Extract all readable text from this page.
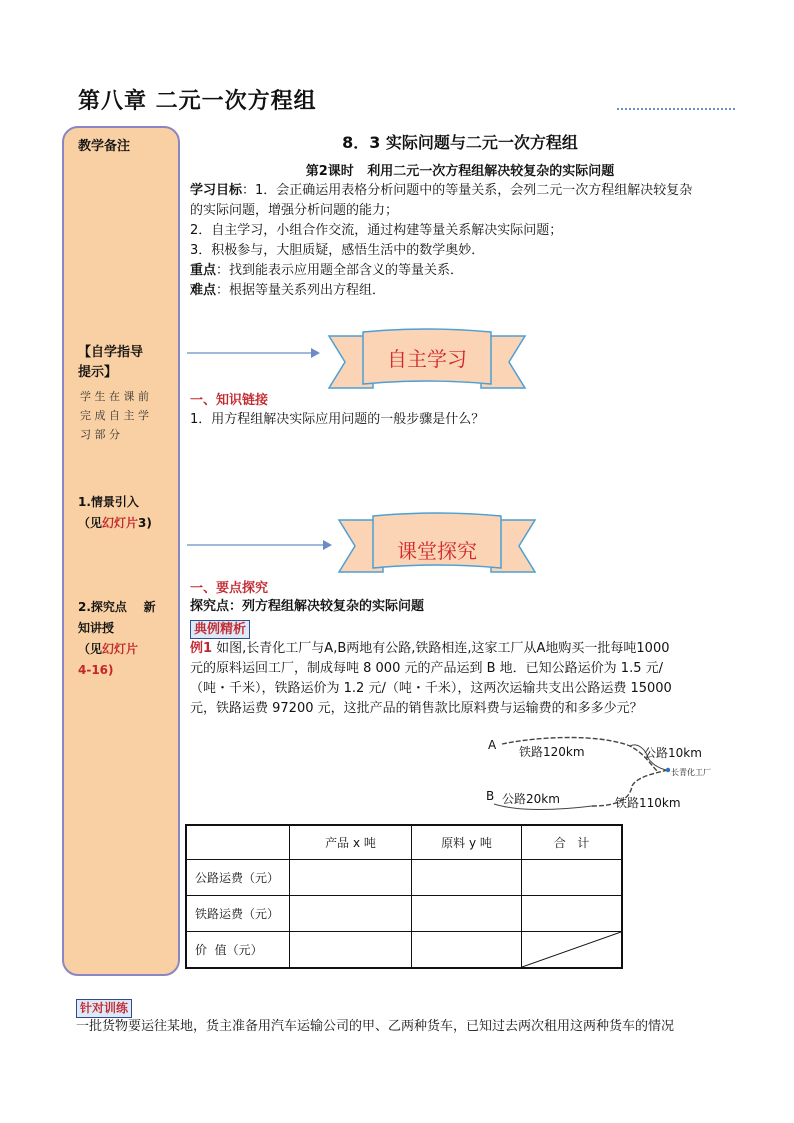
第八章 二元一次方程组
教学备注
【自学指导
提示】
学 生 在 课 前
完 成 自 主 学
习 部 分
1.情景引入
（见幻灯片3)
2.探究点    新
知讲授
（见幻灯片
4-16)
8．3 实际问题与二元一次方程组
第2课时   利用二元一次方程组解决较复杂的实际问题
学习目标：1．会正确运用表格分析问题中的等量关系，会列二元一次方程组解决较复杂
的实际问题，增强分析问题的能力；
2．自主学习，小组合作交流，通过构建等量关系解决实际问题；
3．积极参与，大胆质疑，感悟生活中的数学奥妙．
重点：找到能表示应用题全部含义的等量关系．
难点：根据等量关系列出方程组．
自主学习
一、知识链接
1．用方程组解决实际应用问题的一般步骤是什么？
课堂探究
一、要点探究
探究点：列方程组解决较复杂的实际问题
典例精析
例1 如图,长青化工厂与A,B两地有公路,铁路相连,这家工厂从A地购买一批每吨1000
元的原料运回工厂，制成每吨 8 000 元的产品运到 B 地．已知公路运价为 1.5 元/
（吨・千米），铁路运价为 1.2 元/（吨・千米），这两次运输共支出公路运费 15000
元，铁路运费 97200 元，这批产品的销售款比原料费与运输费的和多多少元？
A 铁路120km	公路10km
长青化工厂
B 公路20km	铁路110km
	产品 x 吨	原料 y 吨	合   计
公路运费（元）			
铁路运费（元）			
价  值（元）			
针对训练
一批货物要运往某地，货主准备用汽车运输公司的甲、乙两种货车，已知过去两次租用这两种货车的情况
